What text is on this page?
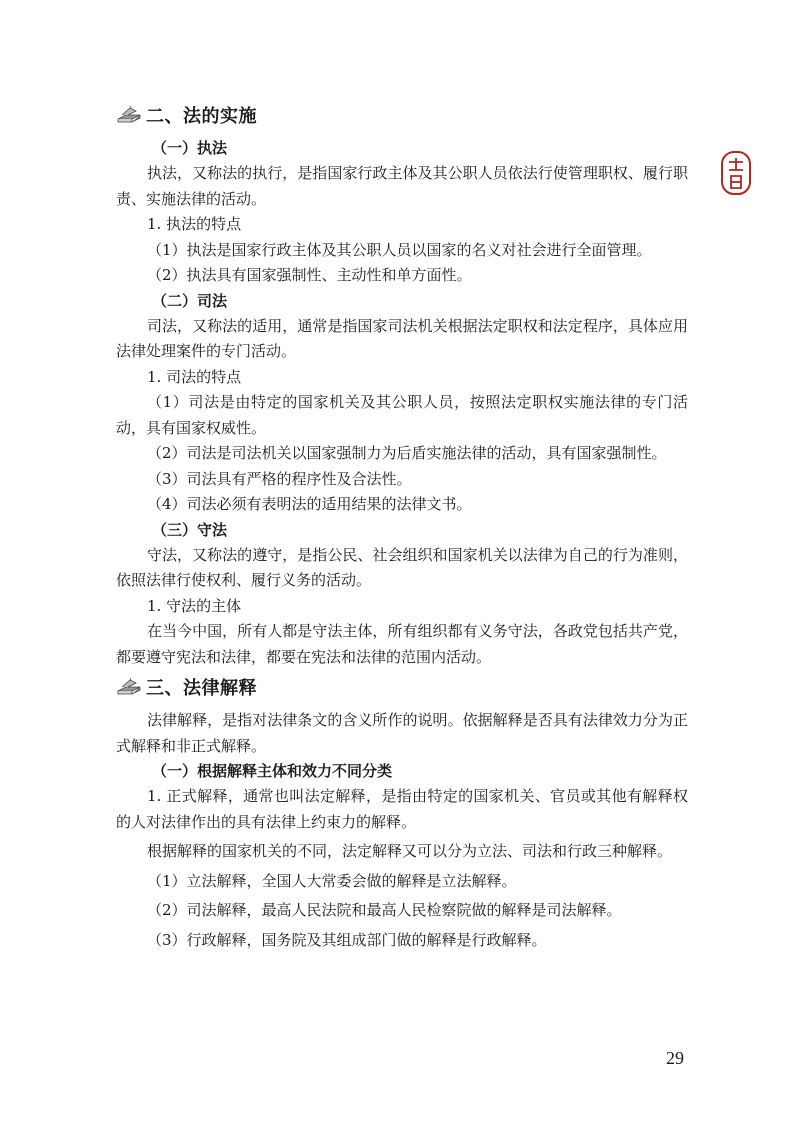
二、法的实施
（一）执法

执法，又称法的执行，是指国家行政主体及其公职人员依法行使管理职权、履行职责、实施法律的活动。

1. 执法的特点

（1）执法是国家行政主体及其公职人员以国家的名义对社会进行全面管理。

（2）执法具有国家强制性、主动性和单方面性。

（二）司法

司法，又称法的适用，通常是指国家司法机关根据法定职权和法定程序，具体应用法律处理案件的专门活动。

1. 司法的特点

（1）司法是由特定的国家机关及其公职人员，按照法定职权实施法律的专门活动，具有国家权威性。

（2）司法是司法机关以国家强制力为后盾实施法律的活动，具有国家强制性。

（3）司法具有严格的程序性及合法性。

（4）司法必须有表明法的适用结果的法律文书。

（三）守法

守法，又称法的遵守，是指公民、社会组织和国家机关以法律为自己的行为准则，依照法律行使权利、履行义务的活动。

1. 守法的主体

在当今中国，所有人都是守法主体，所有组织都有义务守法，各政党包括共产党，都要遵守宪法和法律，都要在宪法和法律的范围内活动。

三、法律解释

法律解释，是指对法律条文的含义所作的说明。依据解释是否具有法律效力分为正式解释和非正式解释。

（一）根据解释主体和效力不同分类

1. 正式解释，通常也叫法定解释，是指由特定的国家机关、官员或其他有解释权的人对法律作出的具有法律上约束力的解释。

根据解释的国家机关的不同，法定解释又可以分为立法、司法和行政三种解释。

（1）立法解释，全国人大常委会做的解释是立法解释。

（2）司法解释，最高人民法院和最高人民检察院做的解释是司法解释。

（3）行政解释，国务院及其组成部门做的解释是行政解释。

29
